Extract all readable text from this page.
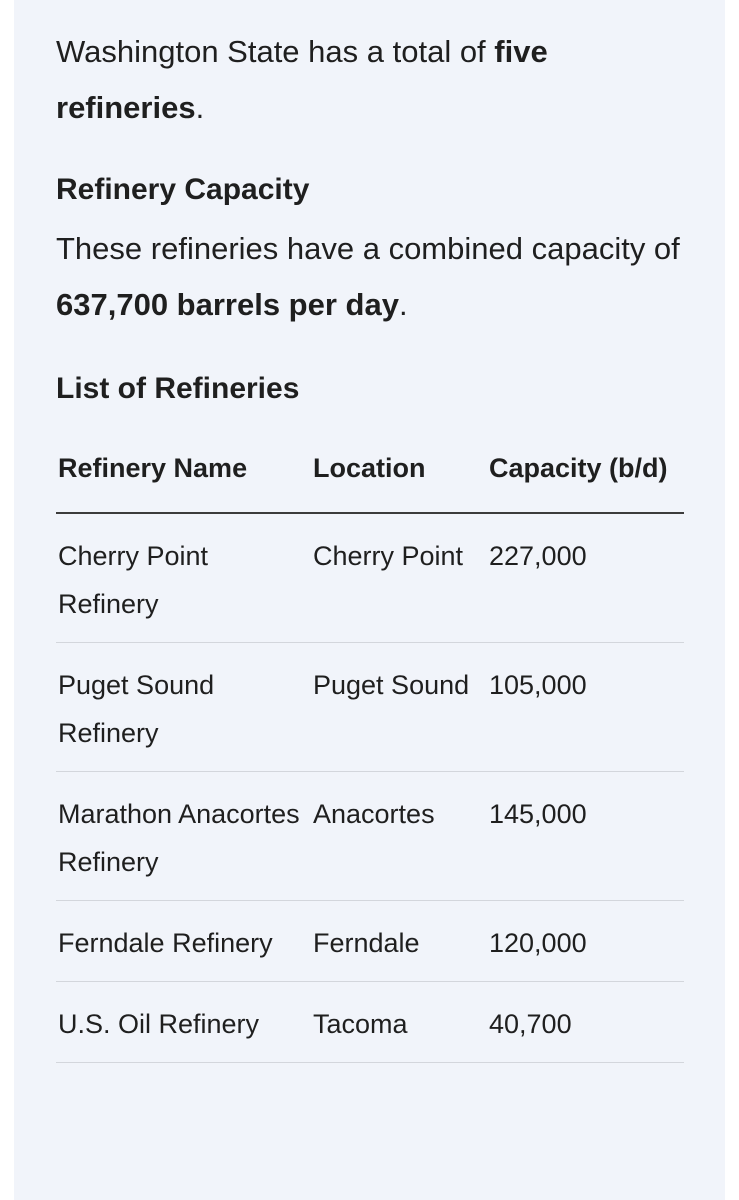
Washington State has a total of five refineries.

Refinery Capacity

These refineries have a combined capacity of 637,700 barrels per day.

List of Refineries
Refinery Name	Location	Capacity (b/d)
Cherry Point Refinery	Cherry Point	227,000
Puget Sound Refinery	Puget Sound	105,000
Marathon Anacortes Refinery	Anacortes	145,000
Ferndale Refinery	Ferndale	120,000
U.S. Oil Refinery	Tacoma	40,700
